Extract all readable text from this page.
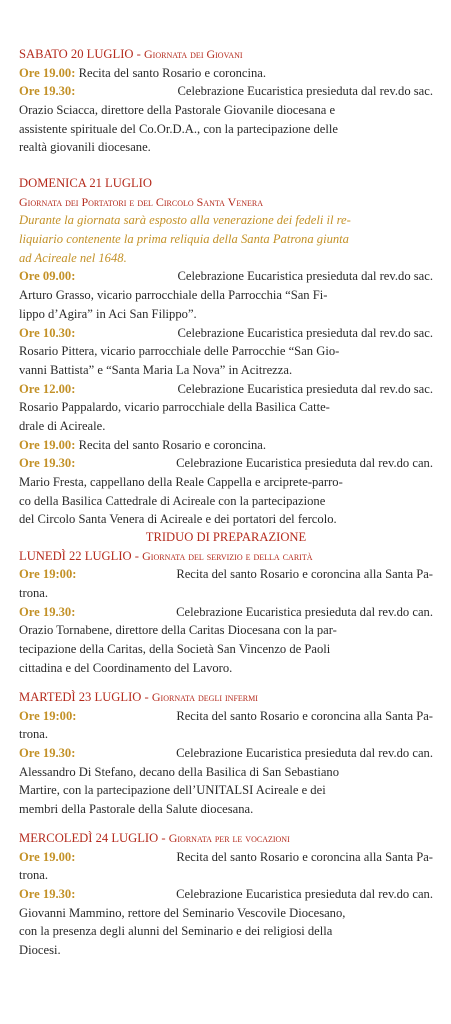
SABATO 20 LUGLIO - Giornata dei Giovani
Ore 19.00:
Recita del santo Rosario e coroncina.
Ore 19.30:	Celebrazione Eucaristica presieduta dal rev.do sac.
Orazio Sciacca, direttore della Pastorale Giovanile diocesana e
assistente spirituale del Co.Or.D.A., con la partecipazione delle
realtà giovanili diocesane.
DOMENICA 21 LUGLIO
Giornata dei Portatori e del Circolo Santa Venera
Durante la giornata sarà esposto alla venerazione dei fedeli il re-
liquiario contenente la prima reliquia della Santa Patrona giunta
ad Acireale nel 1648.
Ore 09.00:	Celebrazione Eucaristica presieduta dal rev.do sac.
Arturo Grasso, vicario parrocchiale della Parrocchia “San Fi-
lippo d’Agira” in Aci San Filippo”.
Ore 10.30:	Celebrazione Eucaristica presieduta dal rev.do sac.
Rosario Pittera, vicario parrocchiale delle Parrocchie “San Gio-
vanni Battista” e “Santa Maria La Nova” in Acitrezza.
Ore 12.00:	Celebrazione Eucaristica presieduta dal rev.do sac.
Rosario Pappalardo, vicario parrocchiale della Basilica Catte-
drale di Acireale.
Ore 19.00:
Recita del santo Rosario e coroncina.
Ore 19.30:	Celebrazione Eucaristica presieduta dal rev.do can.
Mario Fresta, cappellano della Reale Cappella e arciprete-parro-
co della Basilica Cattedrale di Acireale con la partecipazione
del Circolo Santa Venera di Acireale e dei portatori del fercolo.
TRIDUO DI PREPARAZIONE
LUNEDÌ 22 LUGLIO - Giornata del servizio e della carità
Ore 19:00:	Recita del santo Rosario e coroncina alla Santa Pa-
trona.
Ore 19.30:	Celebrazione Eucaristica presieduta dal rev.do can.
Orazio Tornabene, direttore della Caritas Diocesana con la par-
tecipazione della Caritas, della Società San Vincenzo de Paoli
cittadina e del Coordinamento del Lavoro.
MARTEDÌ 23 LUGLIO - Giornata degli infermi
Ore 19:00:	Recita del santo Rosario e coroncina alla Santa Pa-
trona.
Ore 19.30:	Celebrazione Eucaristica presieduta dal rev.do can.
Alessandro Di Stefano, decano della Basilica di San Sebastiano
Martire, con la partecipazione dell’UNITALSI Acireale e dei
membri della Pastorale della Salute diocesana.
MERCOLEDÌ 24 LUGLIO - Giornata per le vocazioni
Ore 19.00:	Recita del santo Rosario e coroncina alla Santa Pa-
trona.
Ore 19.30:	Celebrazione Eucaristica presieduta dal rev.do can.
Giovanni Mammino, rettore del Seminario Vescovile Diocesano,
con la presenza degli alunni del Seminario e dei religiosi della
Diocesi.
